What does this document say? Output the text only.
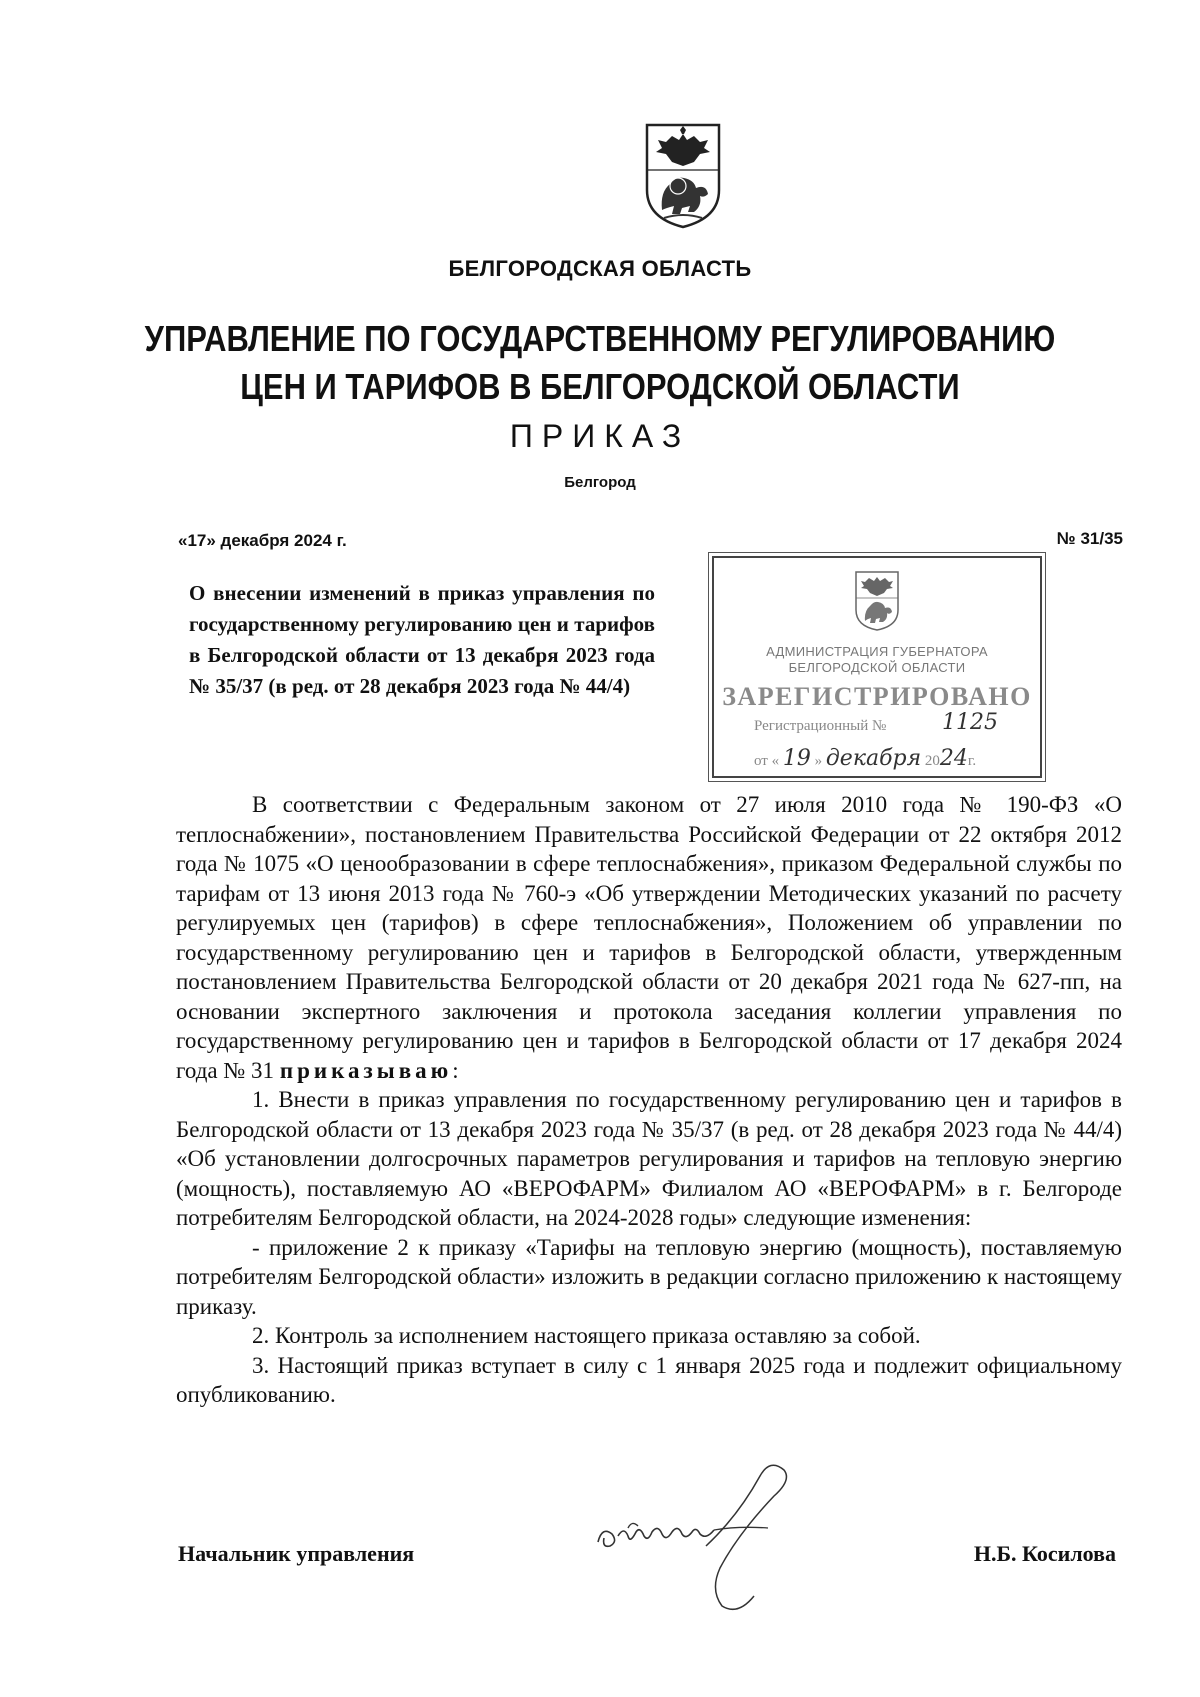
БЕЛГОРОДСКАЯ ОБЛАСТЬ
УПРАВЛЕНИЕ ПО ГОСУДАРСТВЕННОМУ РЕГУЛИРОВАНИЮ
ЦЕН И ТАРИФОВ В БЕЛГОРОДСКОЙ ОБЛАСТИ
ПРИКАЗ
Белгород
«17» декабря 2024 г.	№ 31/35
О внесении изменений в приказ управления по государственному регулированию цен и тарифов в Белгородской области от 13 декабря 2023 года № 35/37 (в ред. от 28 декабря 2023 года № 44/4)
АДМИНИСТРАЦИЯ ГУБЕРНАТОРА
БЕЛГОРОДСКОЙ ОБЛАСТИ
ЗАРЕГИСТРИРОВАНО
Регистрационный №	1125
от « 19 » декабря 2024г.

В соответствии с Федеральным законом от 27 июля 2010 года № 190-ФЗ «О теплоснабжении», постановлением Правительства Российской Федерации от 22 октября 2012 года № 1075 «О ценообразовании в сфере теплоснабжения», приказом Федеральной службы по тарифам от 13 июня 2013 года № 760-э «Об утверждении Методических указаний по расчету регулируемых цен (тарифов) в сфере теплоснабжения», Положением об управлении по государственному регулированию цен и тарифов в Белгородской области, утвержденным постановлением Правительства Белгородской области от 20 декабря 2021 года № 627-пп, на основании экспертного заключения и протокола заседания коллегии управления по государственному регулированию цен и тарифов в Белгородской области от 17 декабря 2024 года № 31 приказываю:

1. Внести в приказ управления по государственному регулированию цен и тарифов в Белгородской области от 13 декабря 2023 года № 35/37 (в ред. от 28 декабря 2023 года № 44/4) «Об установлении долгосрочных параметров регулирования и тарифов на тепловую энергию (мощность), поставляемую АО «ВЕРОФАРМ» Филиалом АО «ВЕРОФАРМ» в г. Белгороде потребителям Белгородской области, на 2024-2028 годы» следующие изменения:

- приложение 2 к приказу «Тарифы на тепловую энергию (мощность), поставляемую потребителям Белгородской области» изложить в редакции согласно приложению к настоящему приказу.

2. Контроль за исполнением настоящего приказа оставляю за собой.

3. Настоящий приказ вступает в силу с 1 января 2025 года и подлежит официальному опубликованию.

Начальник управления	Н.Б. Косилова
